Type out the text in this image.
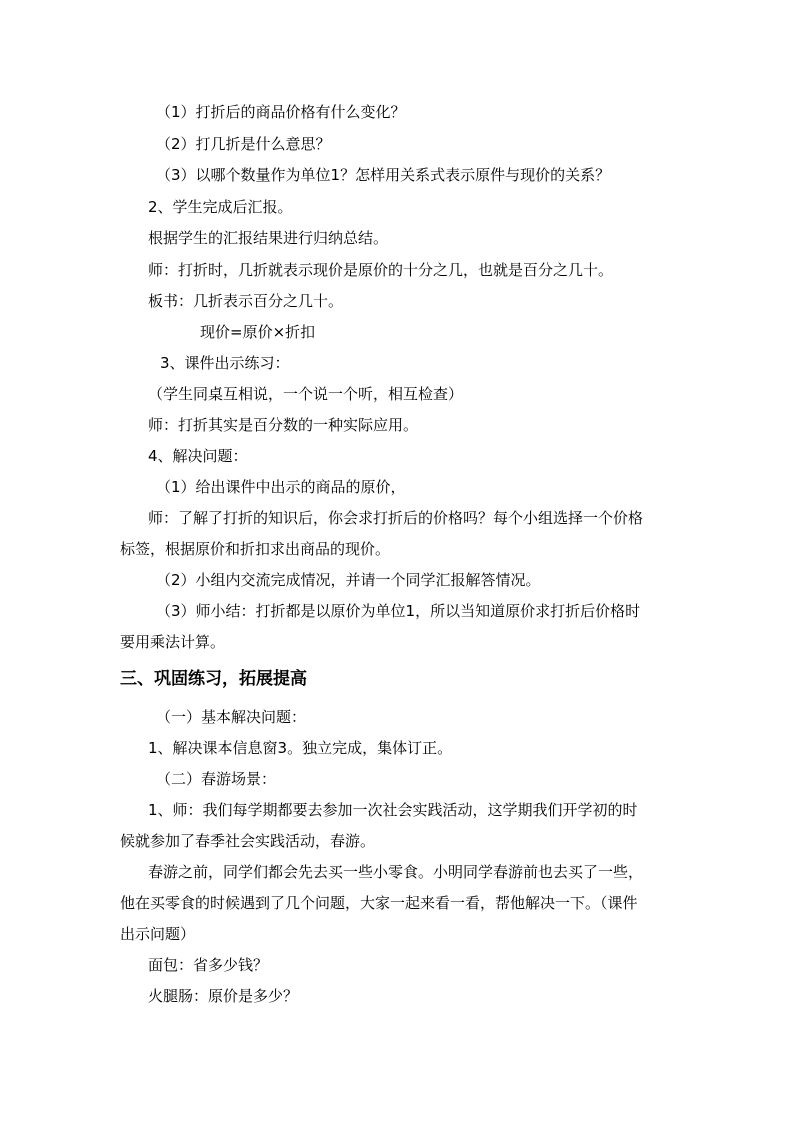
（1）打折后的商品价格有什么变化？
（2）打几折是什么意思？
（3）以哪个数量作为单位1？怎样用关系式表示原件与现价的关系？
2、学生完成后汇报。
根据学生的汇报结果进行归纳总结。
师：打折时，几折就表示现价是原价的十分之几，也就是百分之几十。
板书：几折表示百分之几十。
现价=原价×折扣
3、课件出示练习：
（学生同桌互相说，一个说一个听，相互检查）
师：打折其实是百分数的一种实际应用。
4、解决问题：
（1）给出课件中出示的商品的原价，
师：了解了打折的知识后，你会求打折后的价格吗？每个小组选择一个价格
标签，根据原价和折扣求出商品的现价。
（2）小组内交流完成情况，并请一个同学汇报解答情况。
（3）师小结：打折都是以原价为单位1，所以当知道原价求打折后价格时
要用乘法计算。
三、巩固练习，拓展提高
（一）基本解决问题：
1、解决课本信息窗3。独立完成，集体订正。
（二）春游场景：
1、师：我们每学期都要去参加一次社会实践活动，这学期我们开学初的时
候就参加了春季社会实践活动，春游。
春游之前，同学们都会先去买一些小零食。小明同学春游前也去买了一些，
他在买零食的时候遇到了几个问题，大家一起来看一看，帮他解决一下。（课件
出示问题）
面包：省多少钱？
火腿肠：原价是多少？
